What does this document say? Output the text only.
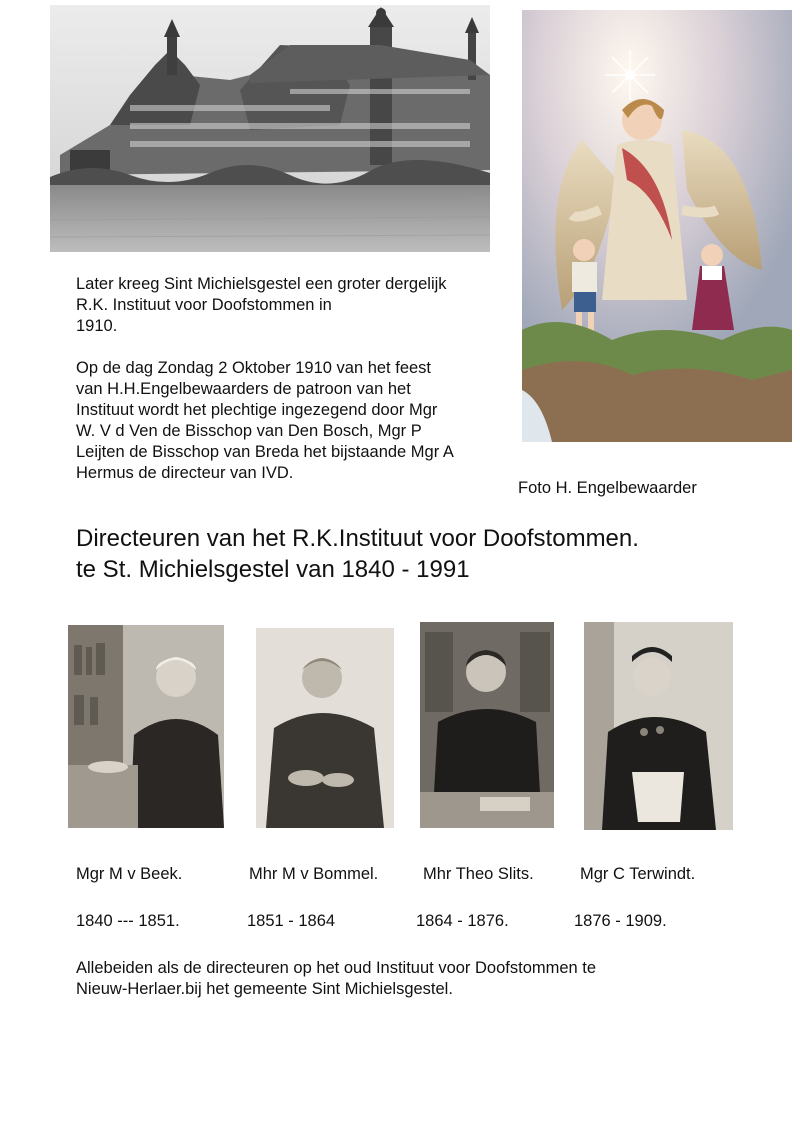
Later kreeg Sint Michielsgestel een groter dergelijk

R.K. Instituut voor Doofstommen in

1910.

Op de dag Zondag 2 Oktober 1910 van het feest

van H.H.Engelbewaarders de patroon van het

Instituut wordt het plechtige ingezegend door Mgr

W. V d Ven de Bisschop van Den Bosch, Mgr P

Leijten de Bisschop van Breda het bijstaande Mgr A

Hermus de directeur van IVD.

Foto H. Engelbewaarder

Directeuren van het R.K.Instituut voor Doofstommen.

te St. Michielsgestel van 1840 - 1991

Mgr M v Beek.	Mhr M v Bommel.	Mhr Theo Slits.	Mgr C Terwindt.
1840 --- 1851.	1851 - 1864	1864 - 1876.	1876 - 1909.

Allebeiden als de directeuren op het oud Instituut voor Doofstommen te

Nieuw-Herlaer.bij het gemeente Sint Michielsgestel.
